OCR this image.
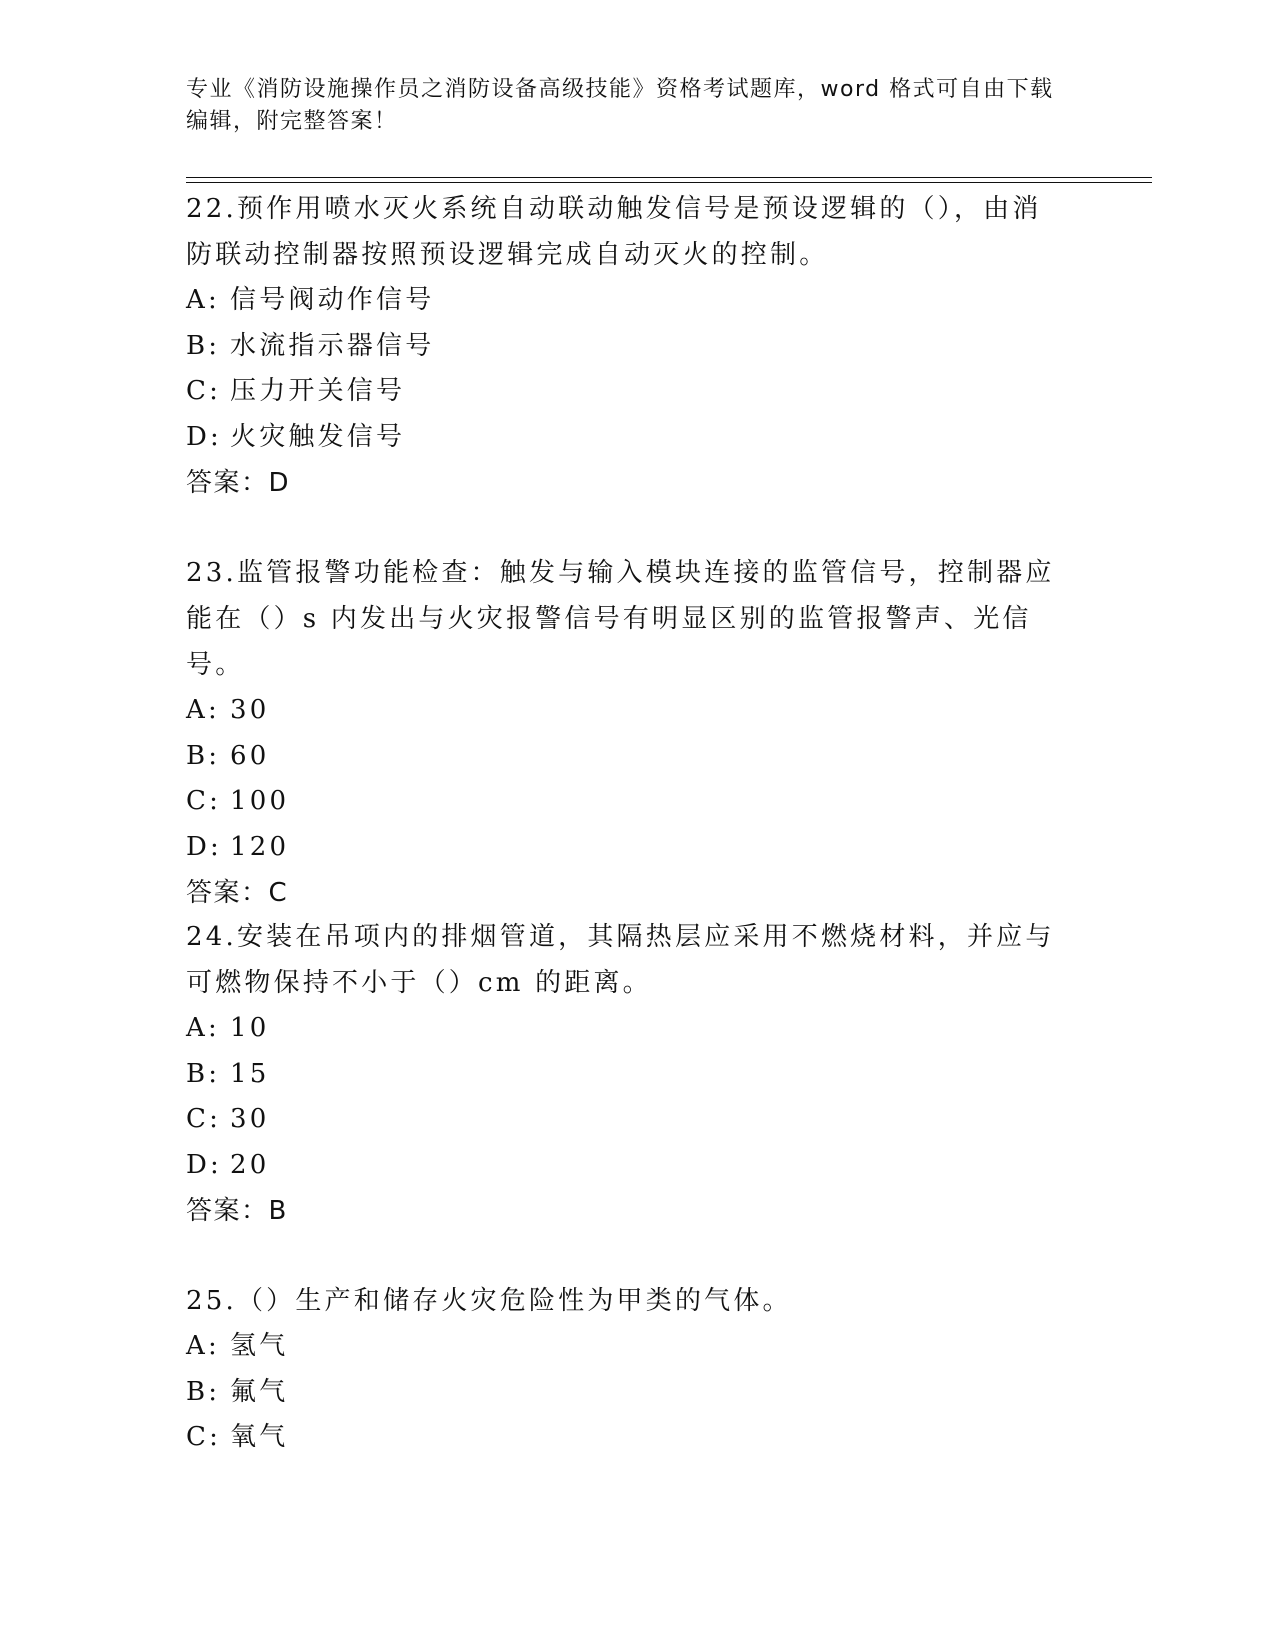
专业《消防设施操作员之消防设备高级技能》资格考试题库，word 格式可自由下载编辑，附完整答案！

22.预作用喷水灭火系统自动联动触发信号是预设逻辑的（），由消防联动控制器按照预设逻辑完成自动灭火的控制。

A: 信号阀动作信号

B: 水流指示器信号

C: 压力开关信号

D: 火灾触发信号

答案：D

23.监管报警功能检查：触发与输入模块连接的监管信号，控制器应能在（）s 内发出与火灾报警信号有明显区别的监管报警声、光信号。

A: 30

B: 60

C: 100

D: 120

答案：C

24.安装在吊项内的排烟管道，其隔热层应采用不燃烧材料，并应与可燃物保持不小于（）cm 的距离。

A: 10

B: 15

C: 30

D: 20

答案：B

25.（）生产和储存火灾危险性为甲类的气体。

A: 氢气

B: 氟气

C: 氧气
